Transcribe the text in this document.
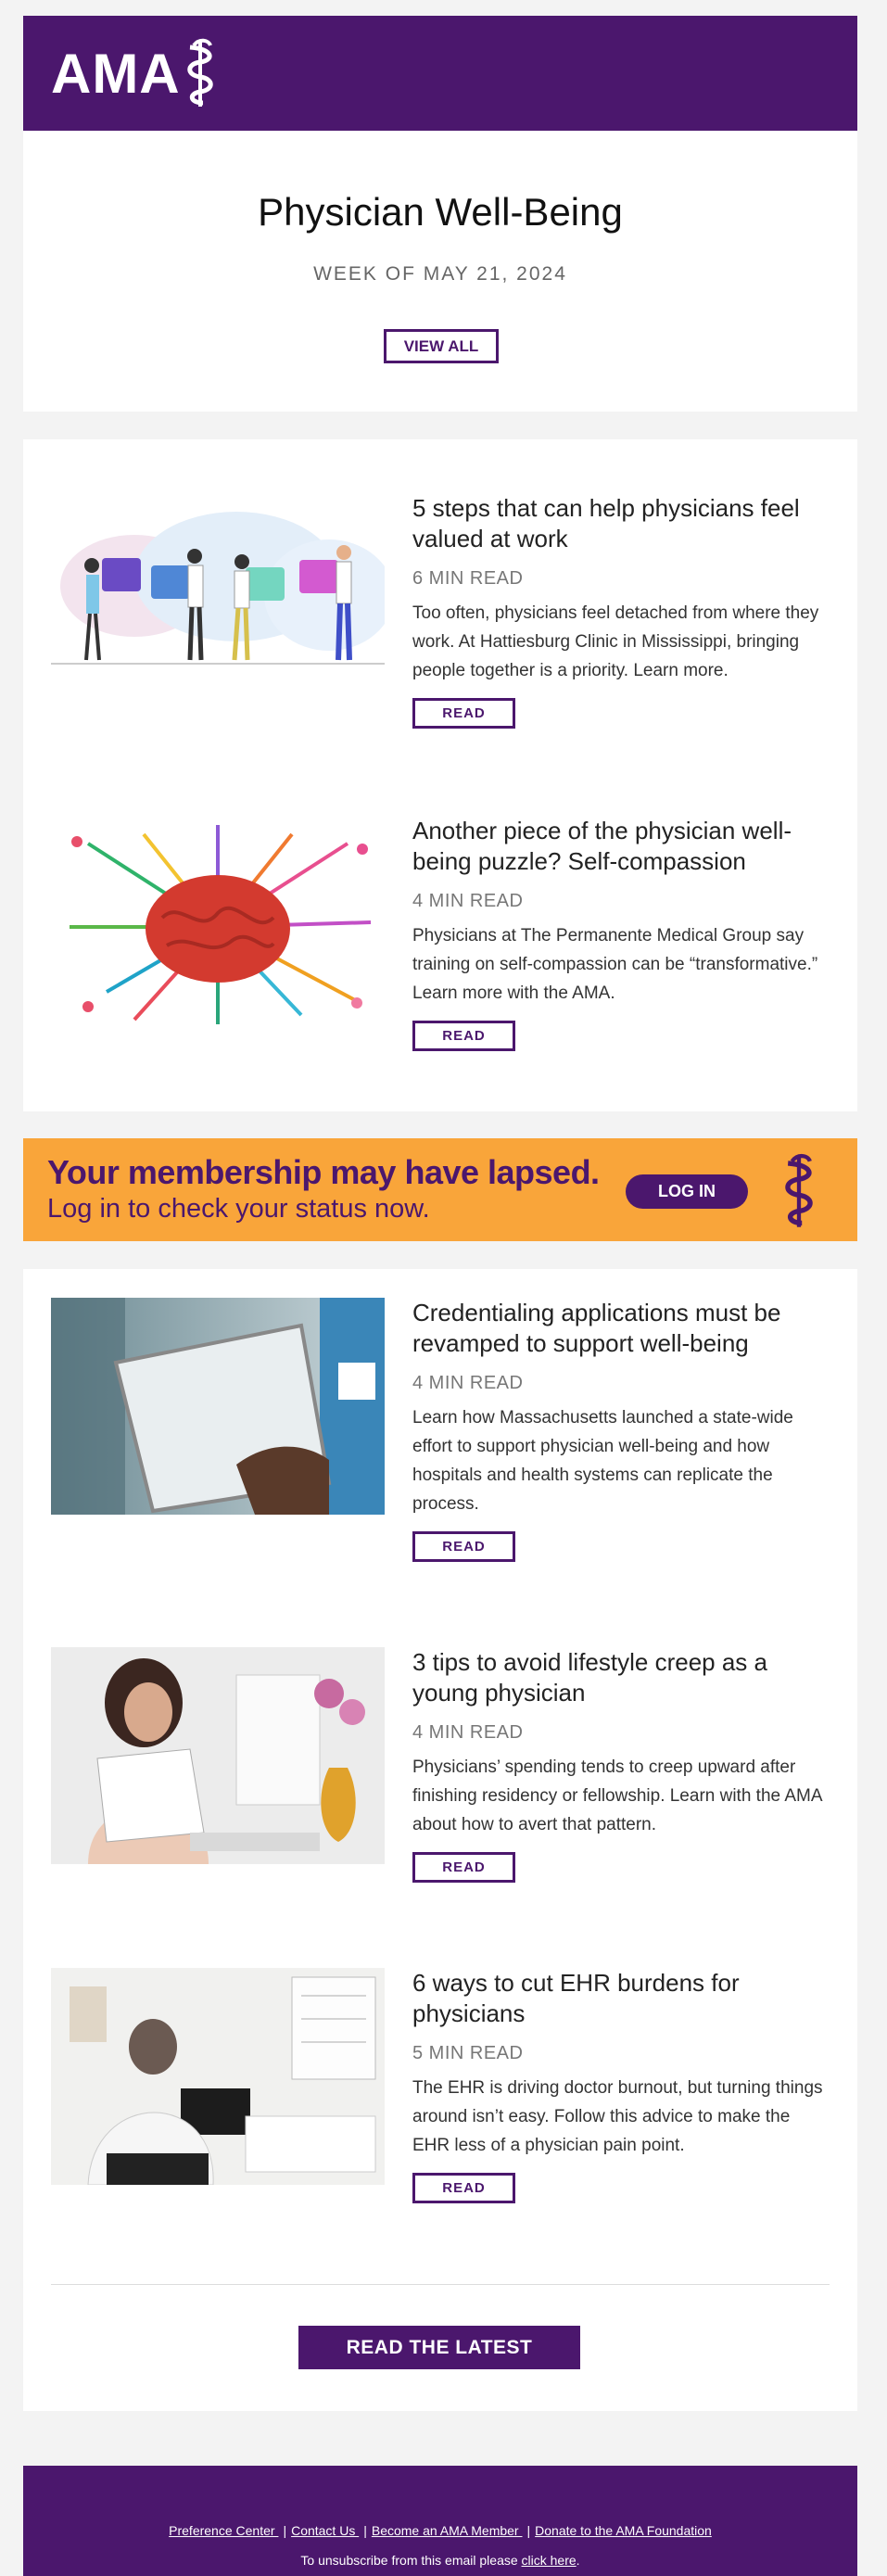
AMA
Physician Well-Being
WEEK OF MAY 21, 2024
VIEW ALL

5 steps that can help physicians feel valued at work

6 MIN READ
Too often, physicians feel detached from where they work. At Hattiesburg Clinic in Mississippi, bringing people together is a priority. Learn more.
READ

Another piece of the physician well-being puzzle? Self-compassion

4 MIN READ
Physicians at The Permanente Medical Group say training on self-compassion can be “transformative.” Learn more with the AMA.
READ
Your membership may have lapsed.
Log in to check your status now.
LOG IN

Credentialing applications must be revamped to support well-being

4 MIN READ
Learn how Massachusetts launched a state-wide effort to support physician well-being and how hospitals and health systems can replicate the process.
READ

3 tips to avoid lifestyle creep as a young physician

4 MIN READ
Physicians’ spending tends to creep upward after finishing residency or fellowship. Learn with the AMA about how to avert that pattern.
READ

6 ways to cut EHR burdens for physicians

5 MIN READ
The EHR is driving doctor burnout, but turning things around isn’t easy. Follow this advice to make the EHR less of a physician pain point.
READ
READ THE LATEST
Preference Center | Contact Us | Become an AMA Member | Donate to the AMA Foundation
To unsubscribe from this email please click here.
